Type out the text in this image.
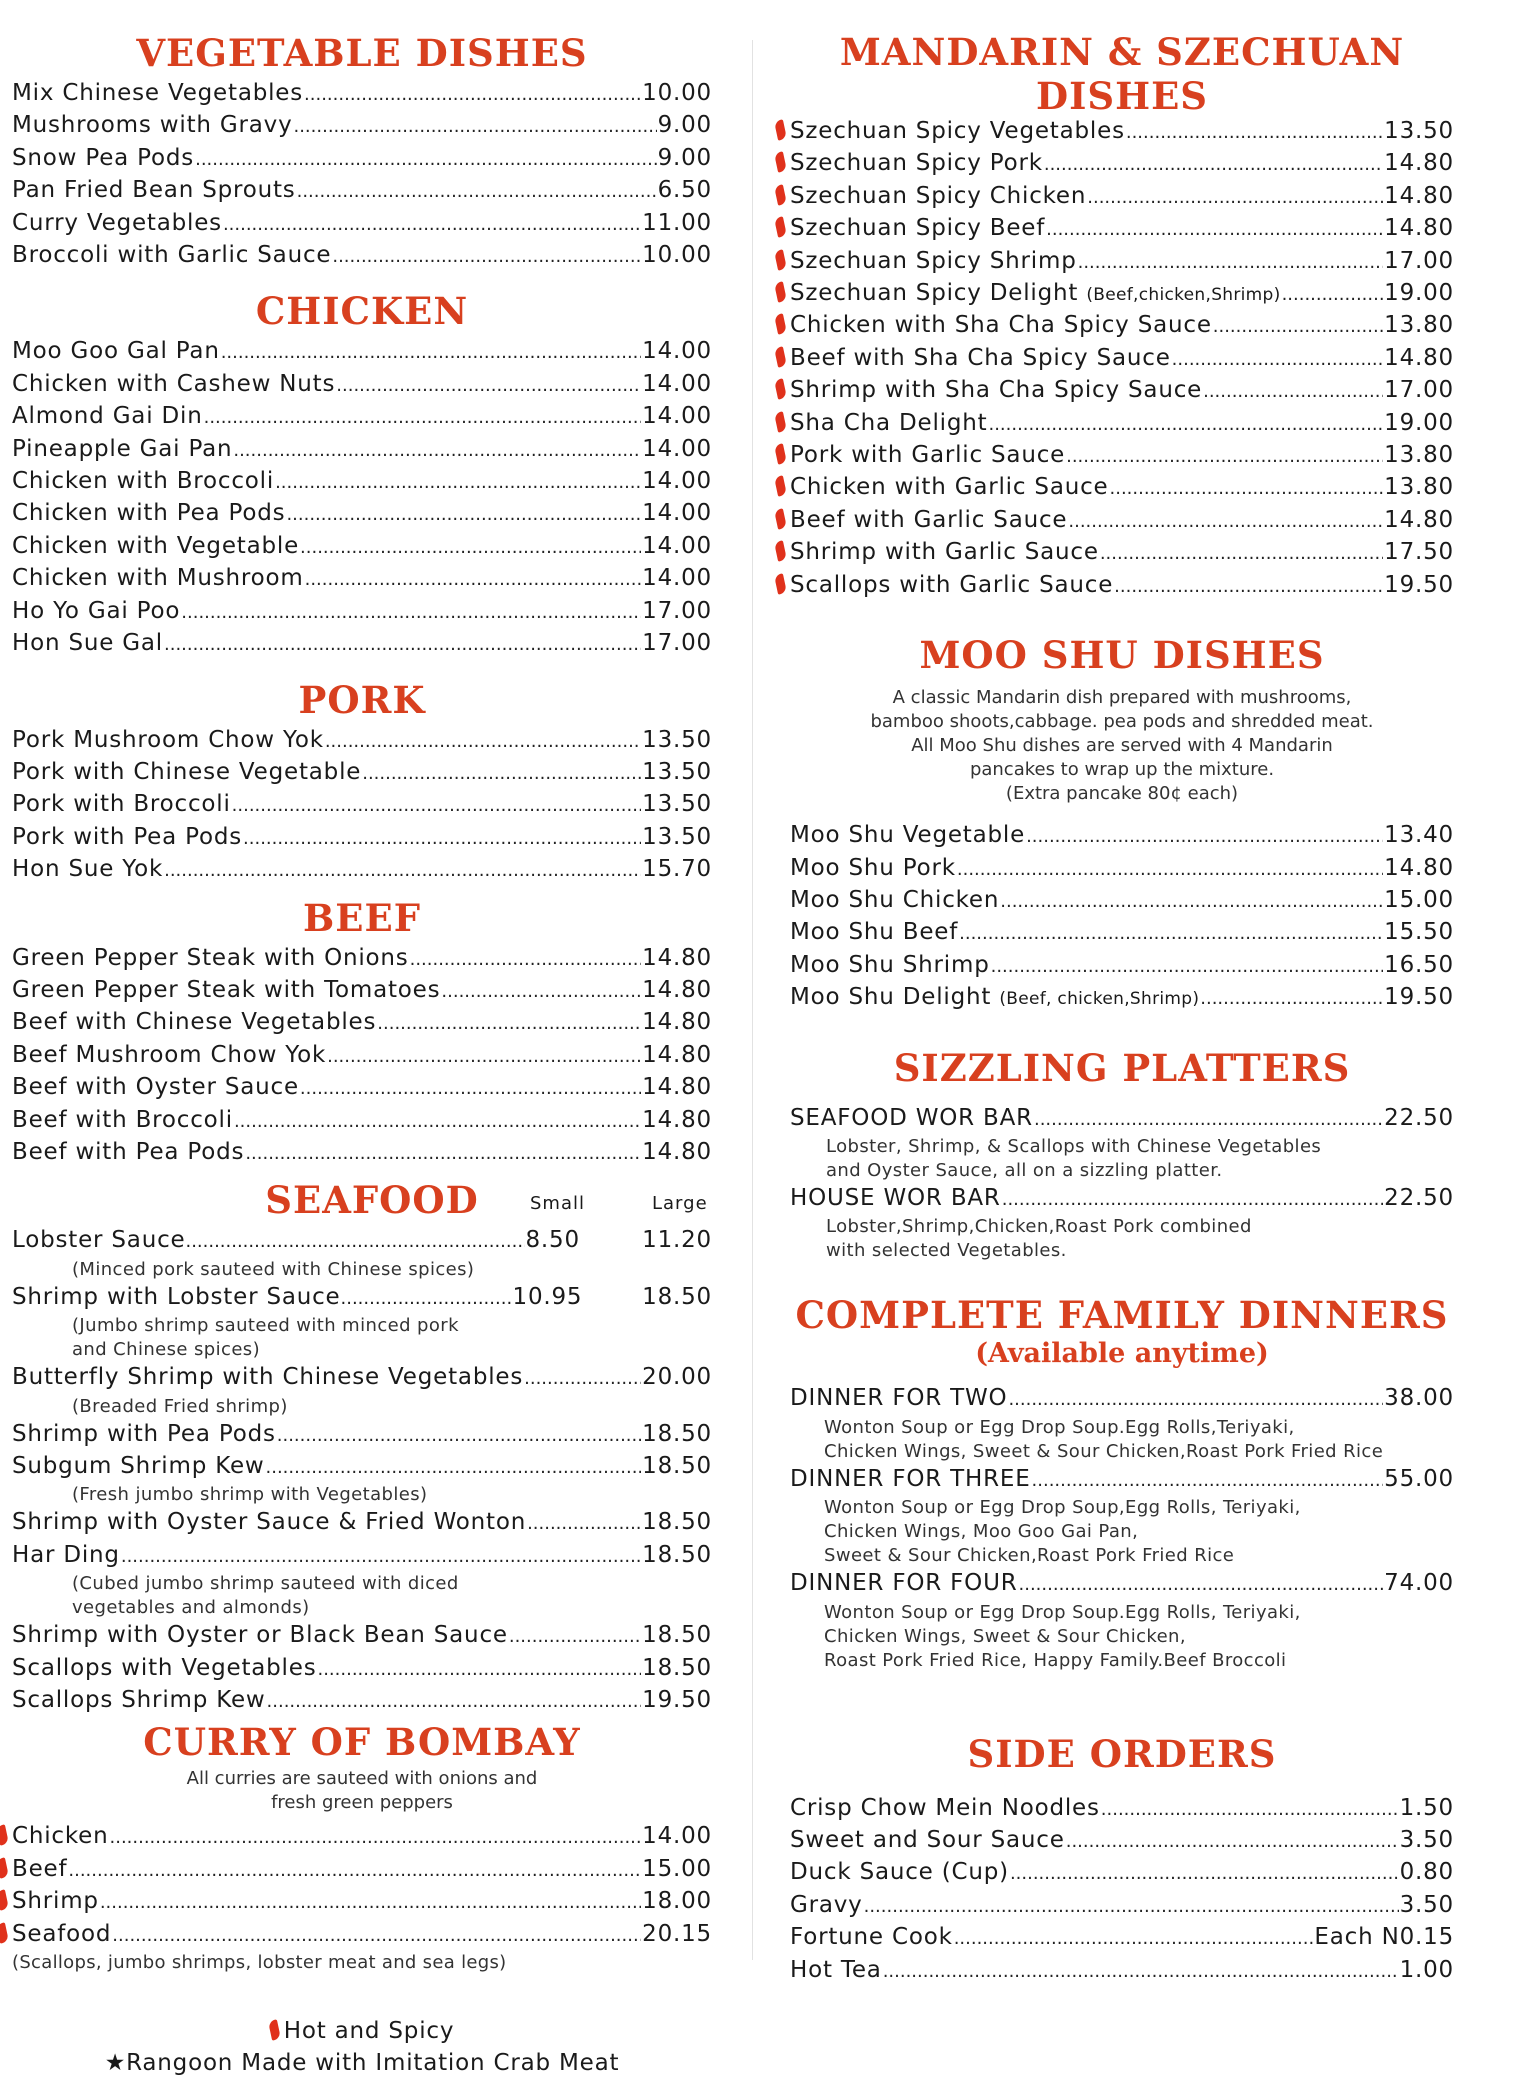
VEGETABLE DISHES
Mix Chinese Vegetables .....	10.00
Mushrooms with Gravy .....	9.00
Snow Pea Pods .....	9.00
Pan Fried Bean Sprouts .....	6.50
Curry Vegetables .....	11.00
Broccoli with Garlic Sauce .....	10.00
CHICKEN
Moo Goo Gal Pan .....	14.00
Chicken with Cashew Nuts .....	14.00
Almond Gai Din .....	14.00
Pineapple Gai Pan .....	14.00
Chicken with Broccoli .....	14.00
Chicken with Pea Pods .....	14.00
Chicken with Vegetable .....	14.00
Chicken with Mushroom .....	14.00
Ho Yo Gai Poo .....	17.00
Hon Sue Gal .....	17.00
PORK
Pork Mushroom Chow Yok .....	13.50
Pork with Chinese Vegetable .....	13.50
Pork with Broccoli .....	13.50
Pork with Pea Pods .....	13.50
Hon Sue Yok .....	15.70
BEEF
Green Pepper Steak with Onions .....	14.80
Green Pepper Steak with Tomatoes .....	14.80
Beef with Chinese Vegetables .....	14.80
Beef Mushroom Chow Yok .....	14.80
Beef with Oyster Sauce .....	14.80
Beef with Broccoli .....	14.80
Beef with Pea Pods .....	14.80
SEAFOOD	Small	Large
Lobster Sauce .....	8.50	11.20
(Minced pork sauteed with Chinese spices)
Shrimp with Lobster Sauce .....	10.95	18.50
(Jumbo shrimp sauteed with minced pork
and Chinese spices)
Butterfly Shrimp with Chinese Vegetables .....	20.00
(Breaded Fried shrimp)
Shrimp with Pea Pods .....	18.50
Subgum Shrimp Kew .....	18.50
(Fresh jumbo shrimp with Vegetables)
Shrimp with Oyster Sauce & Fried Wonton .....	18.50
Har Ding .....	18.50
(Cubed jumbo shrimp sauteed with diced
vegetables and almonds)
Shrimp with Oyster or Black Bean Sauce .....	18.50
Scallops with Vegetables .....	18.50
Scallops Shrimp Kew .....	19.50
CURRY OF BOMBAY
All curries are sauteed with onions and
fresh green peppers
Chicken .....	14.00
Beef .....	15.00
Shrimp .....	18.00
Seafood .....	20.15
(Scallops, jumbo shrimps, lobster meat and sea legs)
Hot and Spicy
★Rangoon Made with Imitation Crab Meat
MANDARIN & SZECHUAN
DISHES
Szechuan Spicy Vegetables .....	13.50
Szechuan Spicy Pork .....	14.80
Szechuan Spicy Chicken .....	14.80
Szechuan Spicy Beef .....	14.80
Szechuan Spicy Shrimp .....	17.00
Szechuan Spicy Delight (Beef,chicken,Shrimp) .....	19.00
Chicken with Sha Cha Spicy Sauce .....	13.80
Beef with Sha Cha Spicy Sauce .....	14.80
Shrimp with Sha Cha Spicy Sauce .....	17.00
Sha Cha Delight .....	19.00
Pork with Garlic Sauce .....	13.80
Chicken with Garlic Sauce .....	13.80
Beef with Garlic Sauce .....	14.80
Shrimp with Garlic Sauce .....	17.50
Scallops with Garlic Sauce .....	19.50
MOO SHU DISHES
A classic Mandarin dish prepared with mushrooms,
bamboo shoots,cabbage. pea pods and shredded meat.
All Moo Shu dishes are served with 4 Mandarin
pancakes to wrap up the mixture.
(Extra pancake 80¢ each)
Moo Shu Vegetable .....	13.40
Moo Shu Pork .....	14.80
Moo Shu Chicken .....	15.00
Moo Shu Beef .....	15.50
Moo Shu Shrimp .....	16.50
Moo Shu Delight (Beef, chicken,Shrimp) .....	19.50
SIZZLING PLATTERS
SEAFOOD WOR BAR .....	22.50
Lobster, Shrimp, & Scallops with Chinese Vegetables
and Oyster Sauce, all on a sizzling platter.
HOUSE WOR BAR .....	22.50
Lobster,Shrimp,Chicken,Roast Pork combined
with selected Vegetables.
COMPLETE FAMILY DINNERS
(Available anytime)
DINNER FOR TWO .....	38.00
Wonton Soup or Egg Drop Soup.Egg Rolls,Teriyaki,
Chicken Wings, Sweet & Sour Chicken,Roast Pork Fried Rice
DINNER FOR THREE .....	55.00
Wonton Soup or Egg Drop Soup,Egg Rolls, Teriyaki,
Chicken Wings, Moo Goo Gai Pan,
Sweet & Sour Chicken,Roast Pork Fried Rice
DINNER FOR FOUR .....	74.00
Wonton Soup or Egg Drop Soup.Egg Rolls, Teriyaki,
Chicken Wings, Sweet & Sour Chicken,
Roast Pork Fried Rice, Happy Family.Beef Broccoli
SIDE ORDERS
Crisp Chow Mein Noodles .....	1.50
Sweet and Sour Sauce .....	3.50
Duck Sauce (Cup) .....	0.80
Gravy .....	3.50
Fortune Cook .....	Each N0.15
Hot Tea .....	1.00
